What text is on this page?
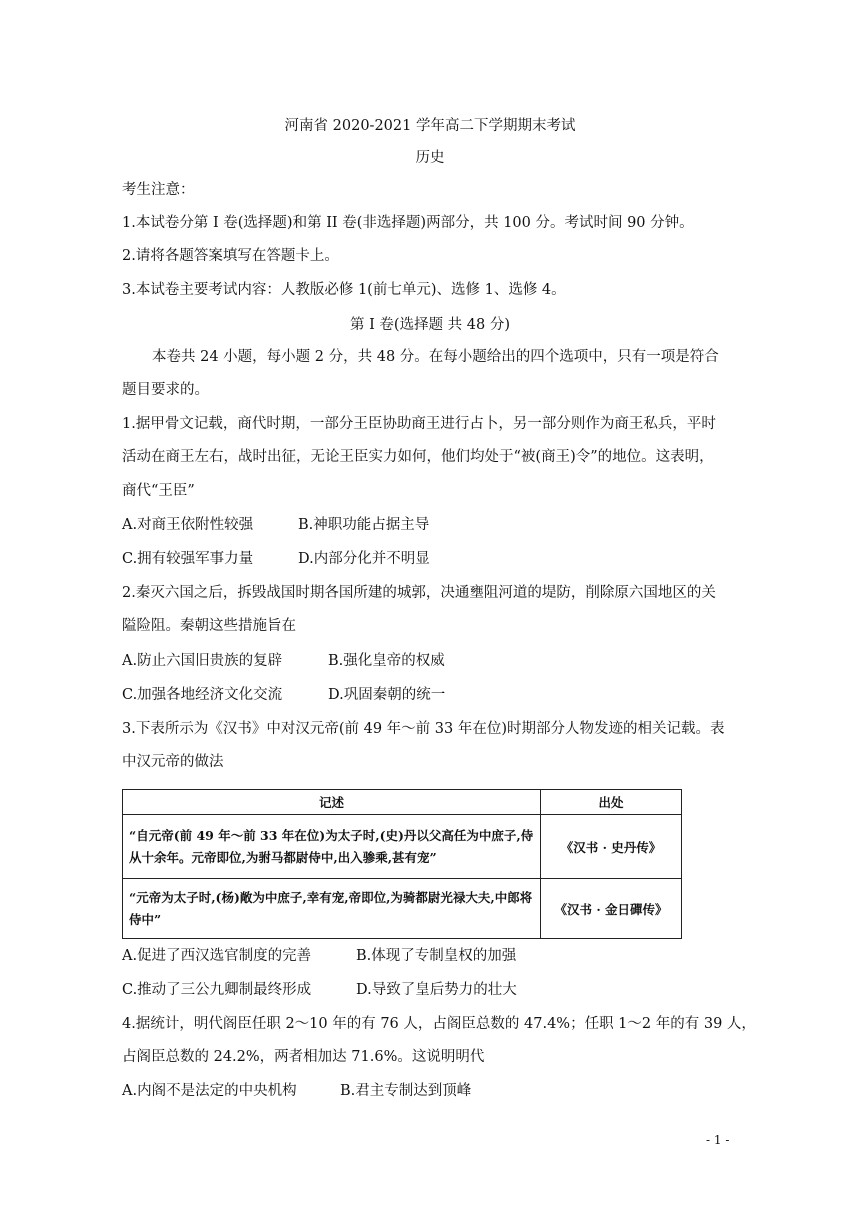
河南省 2020-2021 学年高二下学期期末考试
历史
考生注意：
1.本试卷分第 I 卷(选择题)和第 II 卷(非选择题)两部分，共 100 分。考试时间 90 分钟。
2.请将各题答案填写在答题卡上。
3.本试卷主要考试内容：人教版必修 1(前七单元)、选修 1、选修 4。
第 I 卷(选择题 共 48 分)
本卷共 24 小题，每小题 2 分，共 48 分。在每小题给出的四个选项中，只有一项是符合
题目要求的。
1.据甲骨文记载，商代时期，一部分王臣协助商王进行占卜，另一部分则作为商王私兵，平时
活动在商王左右，战时出征，无论王臣实力如何，他们均处于“被(商王)令”的地位。这表明，
商代“王臣”
A.对商王依附性较强	B.神职功能占据主导
C.拥有较强军事力量	D.内部分化并不明显
2.秦灭六国之后，拆毁战国时期各国所建的城郭，决通壅阻河道的堤防，削除原六国地区的关
隘险阻。秦朝这些措施旨在
A.防止六国旧贵族的复辟	B.强化皇帝的权威
C.加强各地经济文化交流	D.巩固秦朝的统一
3.下表所示为《汉书》中对汉元帝(前 49 年～前 33 年在位)时期部分人物发迹的相关记载。表
中汉元帝的做法
记述	出处
“自元帝(前 49 年～前 33 年在位)为太子时,(史)丹以父高任为中庶子,侍从十余年。元帝即位,为驸马都尉侍中,出入骖乘,甚有宠”	《汉书 · 史丹传》
“元帝为太子时,(杨)敞为中庶子,幸有宠,帝即位,为骑都尉光禄大夫,中郎将侍中”	《汉书 · 金日磾传》
A.促进了西汉选官制度的完善	B.体现了专制皇权的加强
C.推动了三公九卿制最终形成	D.导致了皇后势力的壮大
4.据统计，明代阁臣任职 2～10 年的有 76 人，占阁臣总数的 47.4%；任职 1～2 年的有 39 人，
占阁臣总数的 24.2%，两者相加达 71.6%。这说明明代
A.内阁不是法定的中央机构	B.君主专制达到顶峰
- 1 -
